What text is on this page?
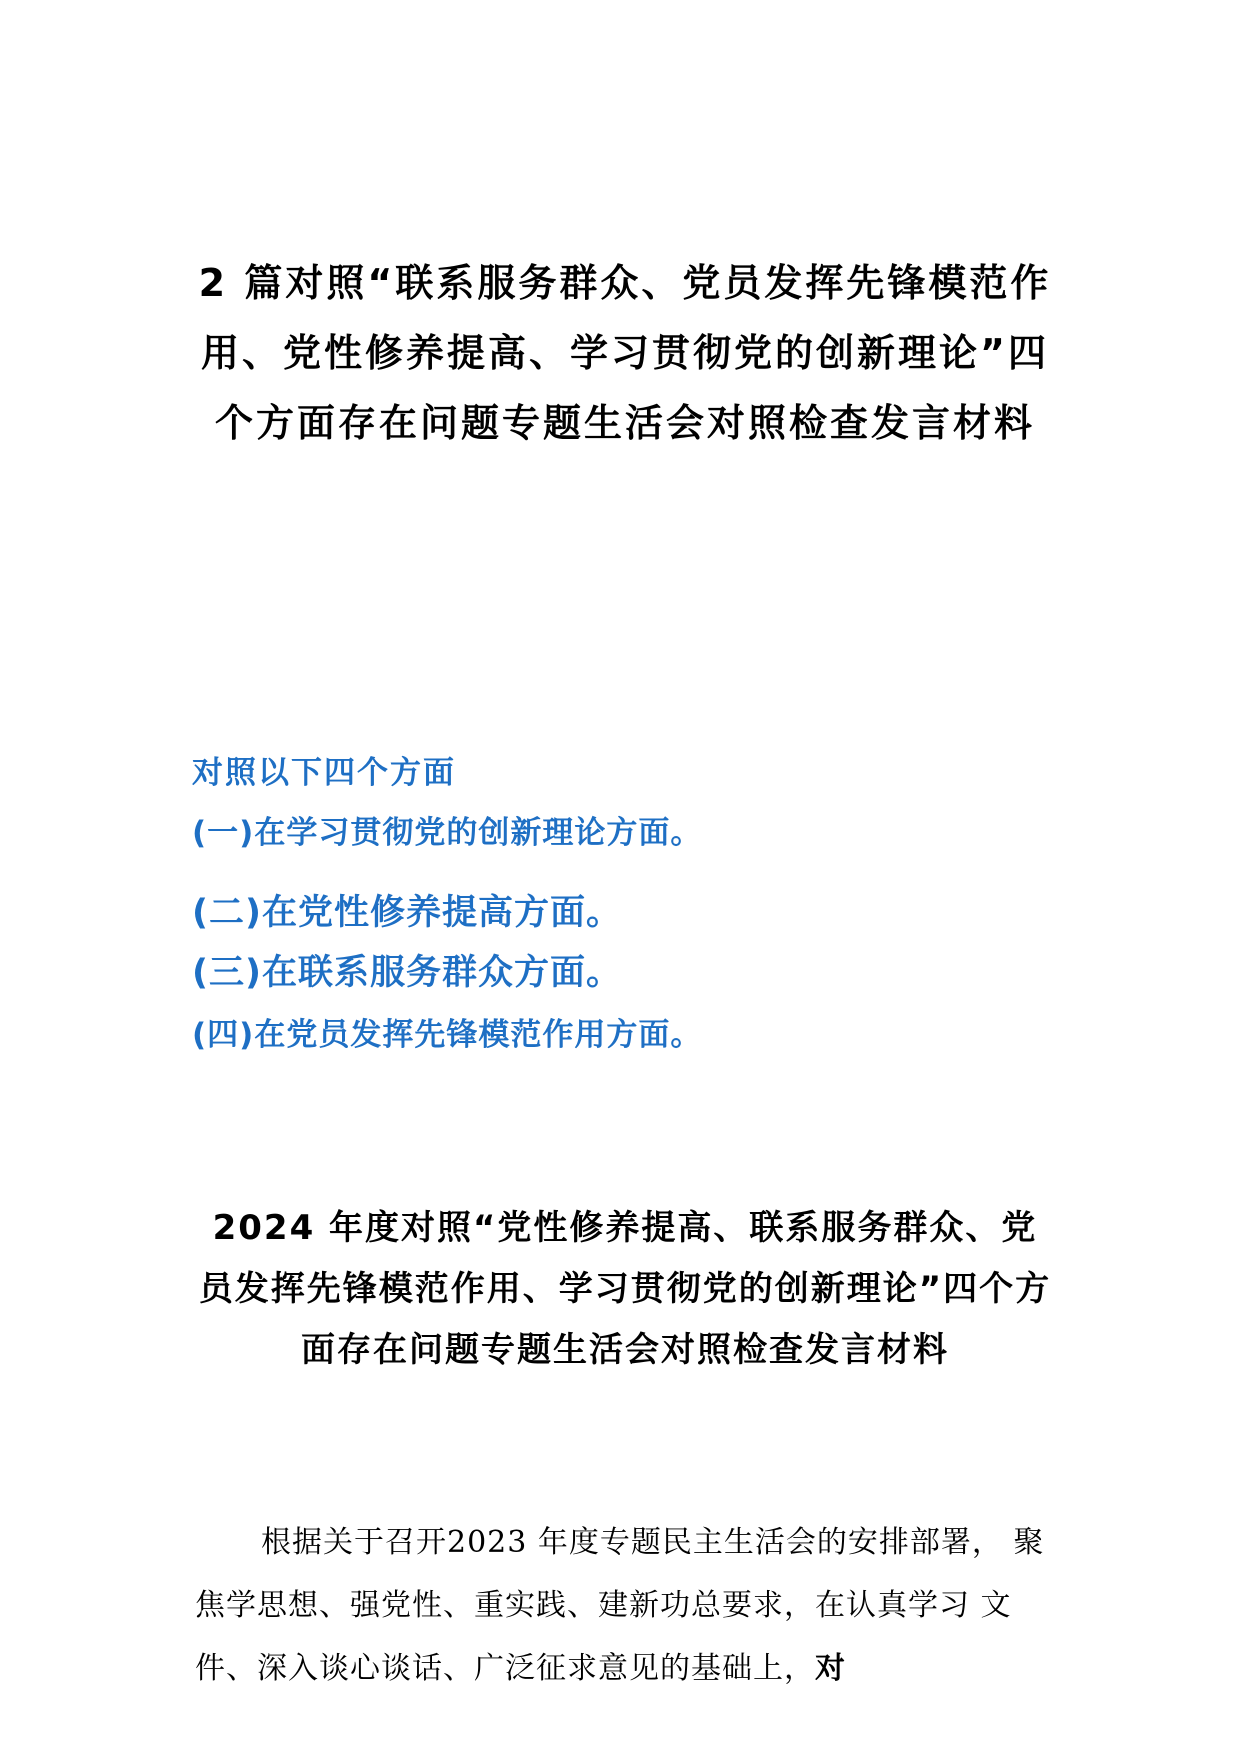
2 篇对照“联系服务群众、党员发挥先锋模范作用、党性修养提高、学习贯彻党的创新理论”四个方面存在问题专题生活会对照检查发言材料
对照以下四个方面
(一)在学习贯彻党的创新理论方面。
(二)在党性修养提高方面。
(三)在联系服务群众方面。
(四)在党员发挥先锋模范作用方面。
2024 年度对照“党性修养提高、联系服务群众、党员发挥先锋模范作用、学习贯彻党的创新理论”四个方面存在问题专题生活会对照检查发言材料

根据关于召开2023 年度专题民主生活会的安排部署， 聚焦学思想、强党性、重实践、建新功总要求，在认真学习 文件、深入谈心谈话、广泛征求意见的基础上，对
